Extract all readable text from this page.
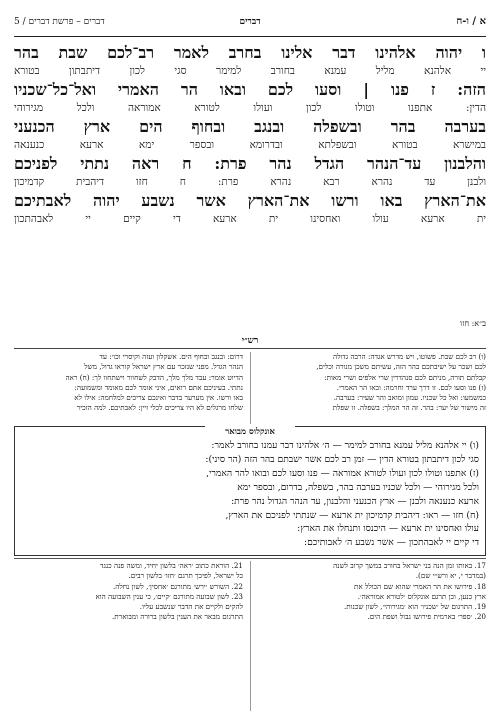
א / ו-ח
דברים
דברים – פרשת דברים / 5
ו יהוה אלהינו דבר אלינו בחרב לאמר רב־לכם שבת בהר
יי אלהנא מליל עמנא בחורב למימר סגי לכון דיתבתון בטורא
הזה: ז פנו | וסעו לכם ובאו הר האמרי ואל־כל־שכניו
הדין: אתפנו וטולו לכון ועולו לטורא אמוראה ולכל מגירוהי
בערבה בהר ובשפלה ובנגב ובחוף הים ארץ הכנעני
במישרא בטורא ובשפלתא ובדרומא ובספר ימא ארעא כנענאה
והלבנון עד־הנהר הגדל נהר פרת: ח ראה נתתי לפניכם
ולבנן עד נהרא רבא נהרא פרת: ח חזו דיהבית קדמיכון
את־הארץ באו ורשו את־הארץ אשר נשבע יהוה לאבתיכם
ית ארעא עולו ואחסינו ית ארעא די קיים יי לאבהתכון
ב״א: חזו
רש״י
(ו) רב לכם שבת. פשוטו, ויש מדרש אגדה: הרבה גדולה
לכם ושכר על ישיבתכם בהר הזה, עשיתם משכן מנורה וכלים,
קבלתם תורה, מניתם לכם סנהדרין שרי אלפים ושרי מאות:
(ז) פנו וסעו לכם. זו דרך ערד וחרמה: ובאו הר האמרי.
כמשמעו: ואל כל שכניו. עמון ומואב והר שעיר: בערבה.
זה מישור של יער: בהר. זה הר המלך: בשפלה. זו שפלת
דרום: ובנגב ובחוף הים. אשקלון ועזה וקיסרי וכו׳: עד
הנהר הגדל. מפני שנזכר עם ארץ ישראל קוראו גדול, משל
הדיוט אומר: עבד מלך מלך, הדבק לשחוור וישתחוו לך: (ח) ראה
נתתי. בעיניכם אתם רואים, איני אומר לכם מאומד ומשמועה:
באו ורשו. אין מערער בדבר ואינכם צריכים למלחמה: אילו לא
שלחו מרגלים לא היו צריכים לכלי זיין: לאבתיכם. למה הזכיר
אונקלוס מבואר
(ו) יי אלהנא מליל עמנא בחורב למימר — ה׳ אלהינו דבר עמנו בחורב לאמר:
סגי לכון דיתבתון בטורא הדין — זמן רב לכם אשר ישבתם בהר הזה (הר סיני):
(ז) אתפנו וטולו לכון ועולו לטורא אמוראה — פנו וסעו לכם ובואו להר האמרי,
ולכל מגירוהי — ולכל שכניו בערבה בהר, בשפלה, בדרום, ובספר ימא
ארעא כנענאה ולבנן — ארץ הכנעני והלבנון, עד הנהר הגדול נהר פרת:
(ח) חזו — ראו: דיהבית קדמיכון ית ארעא — שנתתי לפניכם את הארץ,
עולו ואחסינו ית ארעא — היכנסו ותנחלו את הארץ:
די קיים יי לאבהתכון — אשר נשבע ה׳ לאבותיכם:
17. באותו זמן הנה בני ישראל בחורב במשך קרוב לשנה
(במדבר י, יא ורש״י שם).
18. פירושו את הר האמרי שהוא שם הכולל את
ארץ כנען, וכן תרגם אונקלוס ׳לטורא אמוראה׳.
19. התרגום של ׳שכניו׳ הוא ׳מגירוהי׳, לשון שכנות.
20. ׳ספר׳ בארמית פירושו גבול ושפת הים.
21. הוראת כתוב ׳ראה׳ בלשון יחיד, ומשה פנה כנגד
כל ישראל, לפיכך תרגם ׳חזו׳ בלשון רבים.
22. השורש ׳ירש׳ מתורגם ׳אחסין׳, לשון נחלה.
23. לשון שבועה מתורגם ׳קיים׳, כי ענין השבועה הוא
להקים ולקיים את הדבר שנשבע עליו.
התרגום מבאר את הענין בלשון ברורה ומבוארת.
